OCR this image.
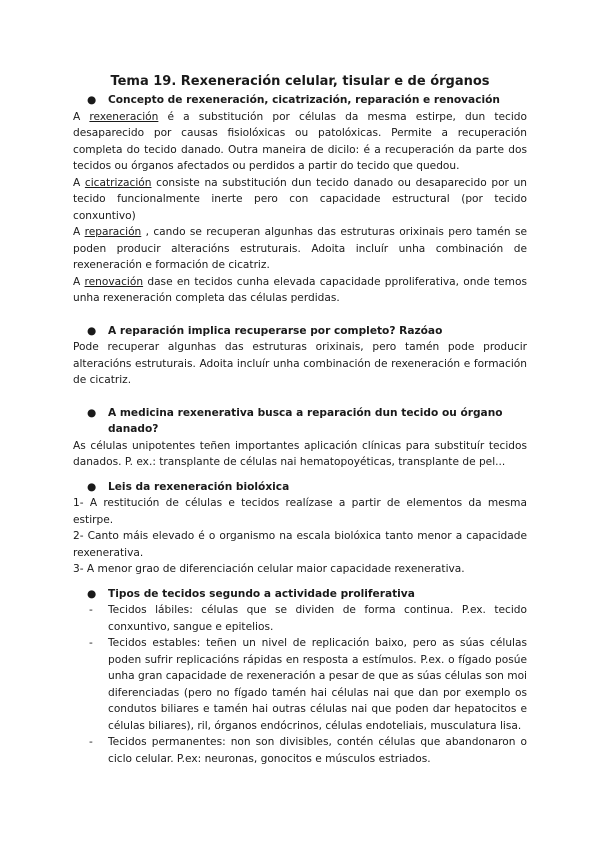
Tema 19. Rexeneración celular, tisular e de órganos
● Concepto de rexeneración, cicatrización, reparación e renovación

A rexeneración é a substitución por células da mesma estirpe, dun tecido desaparecido por causas fisiolóxicas ou patolóxicas. Permite a recuperación completa do tecido danado. Outra maneira de dicilo: é a recuperación da parte dos tecidos ou órganos afectados ou perdidos a partir do tecido que quedou.

A cicatrización consiste na substitución dun tecido danado ou desaparecido por un tecido funcionalmente inerte pero con capacidade estructural (por tecido conxuntivo)

A reparación , cando se recuperan algunhas das estruturas orixinais pero tamén se poden producir alteracións estruturais. Adoita incluír unha combinación de rexeneración e formación de cicatriz.

A renovación dase en tecidos cunha elevada capacidade pproliferativa, onde temos unha rexeneración completa das células perdidas.

● A reparación implica recuperarse por completo? Razóao

Pode recuperar algunhas das estruturas orixinais, pero tamén pode producir alteracións estruturais. Adoita incluír unha combinación de rexeneración e formación de cicatriz.

● A medicina rexenerativa busca a reparación dun tecido ou órgano danado?

As células unipotentes teñen importantes aplicación clínicas para substituír tecidos danados. P. ex.: transplante de células nai hematopoyéticas, transplante de pel...

● Leis da rexeneración biolóxica

1- A restitución de células e tecidos realízase a partir de elementos da mesma estirpe.

2- Canto máis elevado é o organismo na escala biolóxica tanto menor a capacidade rexenerativa.

3- A menor grao de diferenciación celular maior capacidade rexenerativa.

● Tipos de tecidos segundo a actividade proliferativa
- Tecidos lábiles: células que se dividen de forma continua. P.ex. tecido conxuntivo, sangue e epitelios.
- Tecidos estables: teñen un nivel de replicación baixo, pero as súas células poden sufrir replicacións rápidas en resposta a estímulos. P.ex. o fígado posúe unha gran capacidade de rexeneración a pesar de que as súas células son moi diferenciadas (pero no fígado tamén hai células nai que dan por exemplo os condutos biliares e tamén hai outras células nai que poden dar hepatocitos e células biliares), ril, órganos endócrinos, células endoteliais, musculatura lisa.
- Tecidos permanentes: non son divisibles, contén células que abandonaron o ciclo celular. P.ex: neuronas, gonocitos e músculos estriados.
